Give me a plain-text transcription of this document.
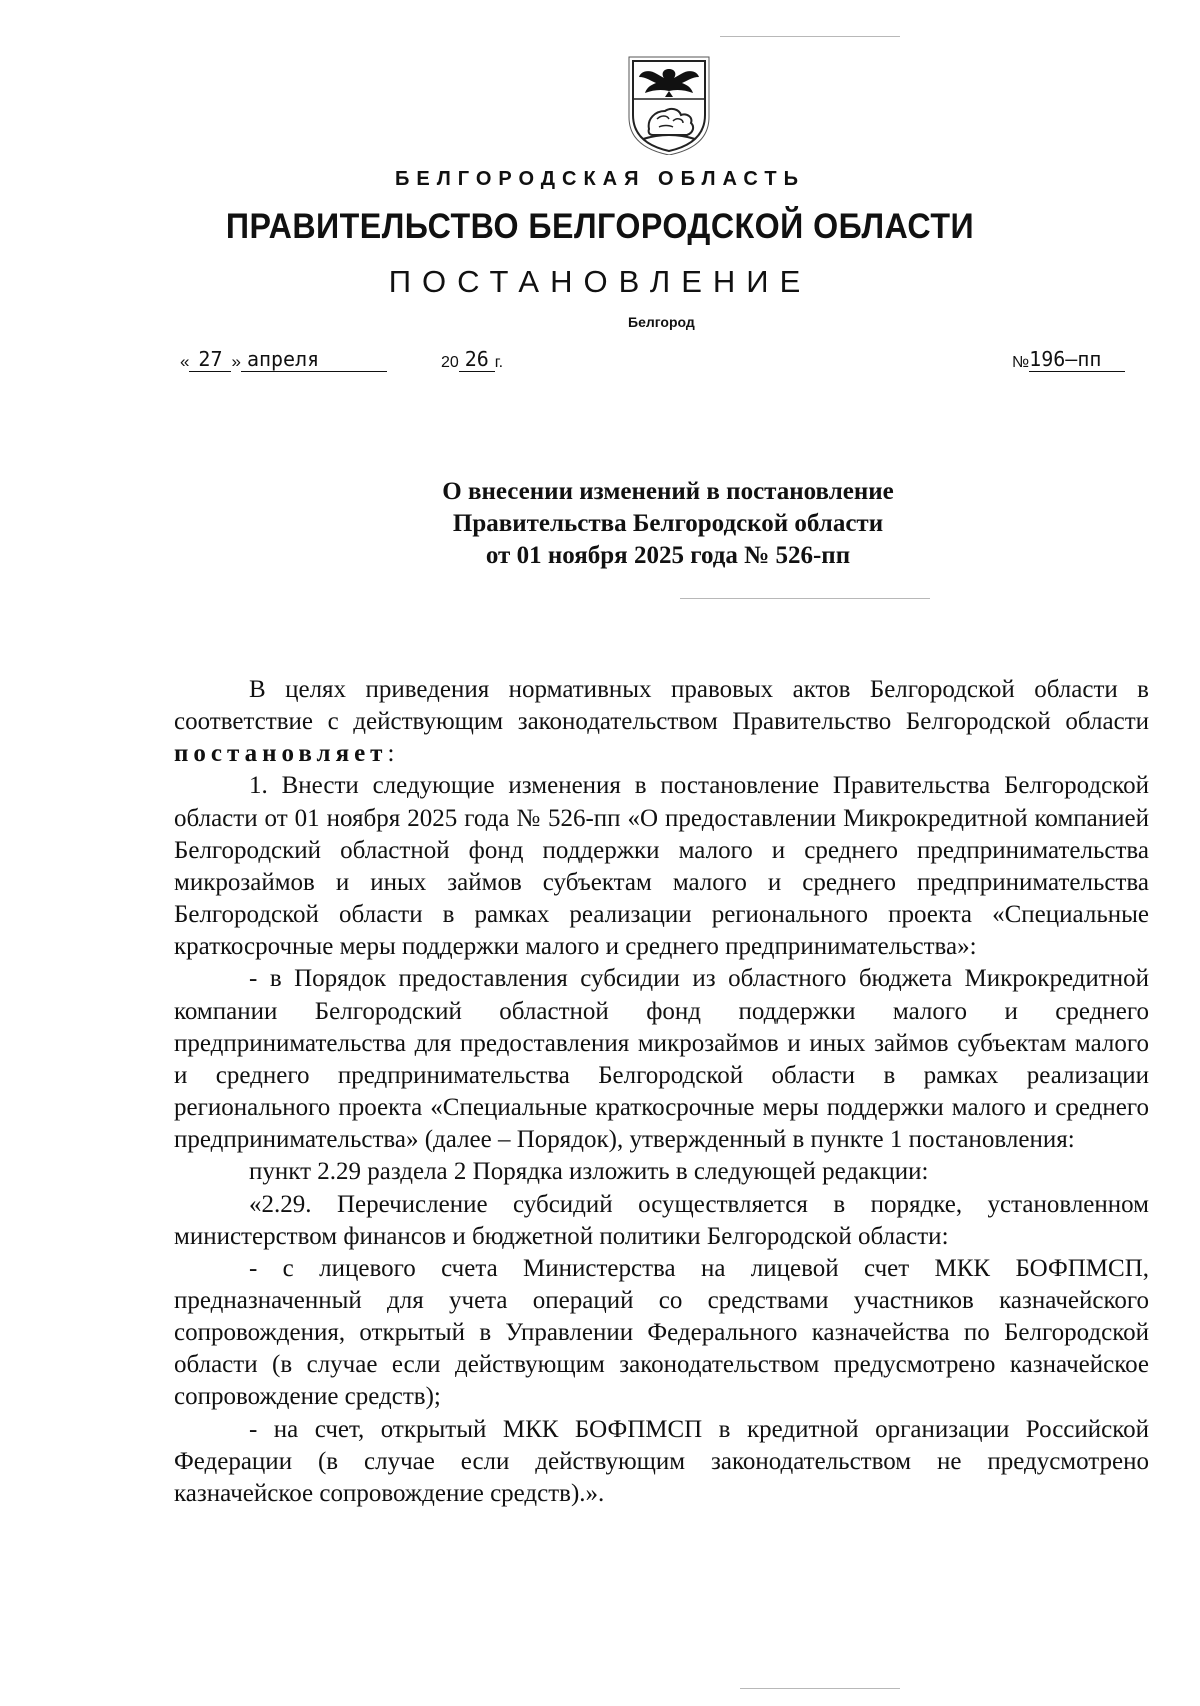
БЕЛГОРОДСКАЯ ОБЛАСТЬ
ПРАВИТЕЛЬСТВО БЕЛГОРОДСКОЙ ОБЛАСТИ
ПОСТАНОВЛЕНИЕ
Белгород
« 27 » апреля	20 26 г.	№ 196–пп
О внесении изменений в постановление
Правительства Белгородской области
от 01 ноября 2025 года № 526-пп

В целях приведения нормативных правовых актов Белгородской области в соответствие с действующим законодательством Правительство Белгородской области постановляет:

1. Внести следующие изменения в постановление Правительства Белгородской области от 01 ноября 2025 года № 526-пп «О предоставлении Микрокредитной компанией Белгородский областной фонд поддержки малого и среднего предпринимательства микрозаймов и иных займов субъектам малого и среднего предпринимательства Белгородской области в рамках реализации регионального проекта «Специальные краткосрочные меры поддержки малого и среднего предпринимательства»:

- в Порядок предоставления субсидии из областного бюджета Микрокредитной компании Белгородский областной фонд поддержки малого и среднего предпринимательства для предоставления микрозаймов и иных займов субъектам малого и среднего предпринимательства Белгородской области в рамках реализации регионального проекта «Специальные краткосрочные меры поддержки малого и среднего предпринимательства» (далее – Порядок), утвержденный в пункте 1 постановления:

пункт 2.29 раздела 2 Порядка изложить в следующей редакции:

«2.29. Перечисление субсидий осуществляется в порядке, установленном министерством финансов и бюджетной политики Белгородской области:

- с лицевого счета Министерства на лицевой счет МКК БОФПМСП, предназначенный для учета операций со средствами участников казначейского сопровождения, открытый в Управлении Федерального казначейства по Белгородской области (в случае если действующим законодательством предусмотрено казначейское сопровождение средств);

- на счет, открытый МКК БОФПМСП в кредитной организации Российской Федерации (в случае если действующим законодательством не предусмотрено казначейское сопровождение средств).».
